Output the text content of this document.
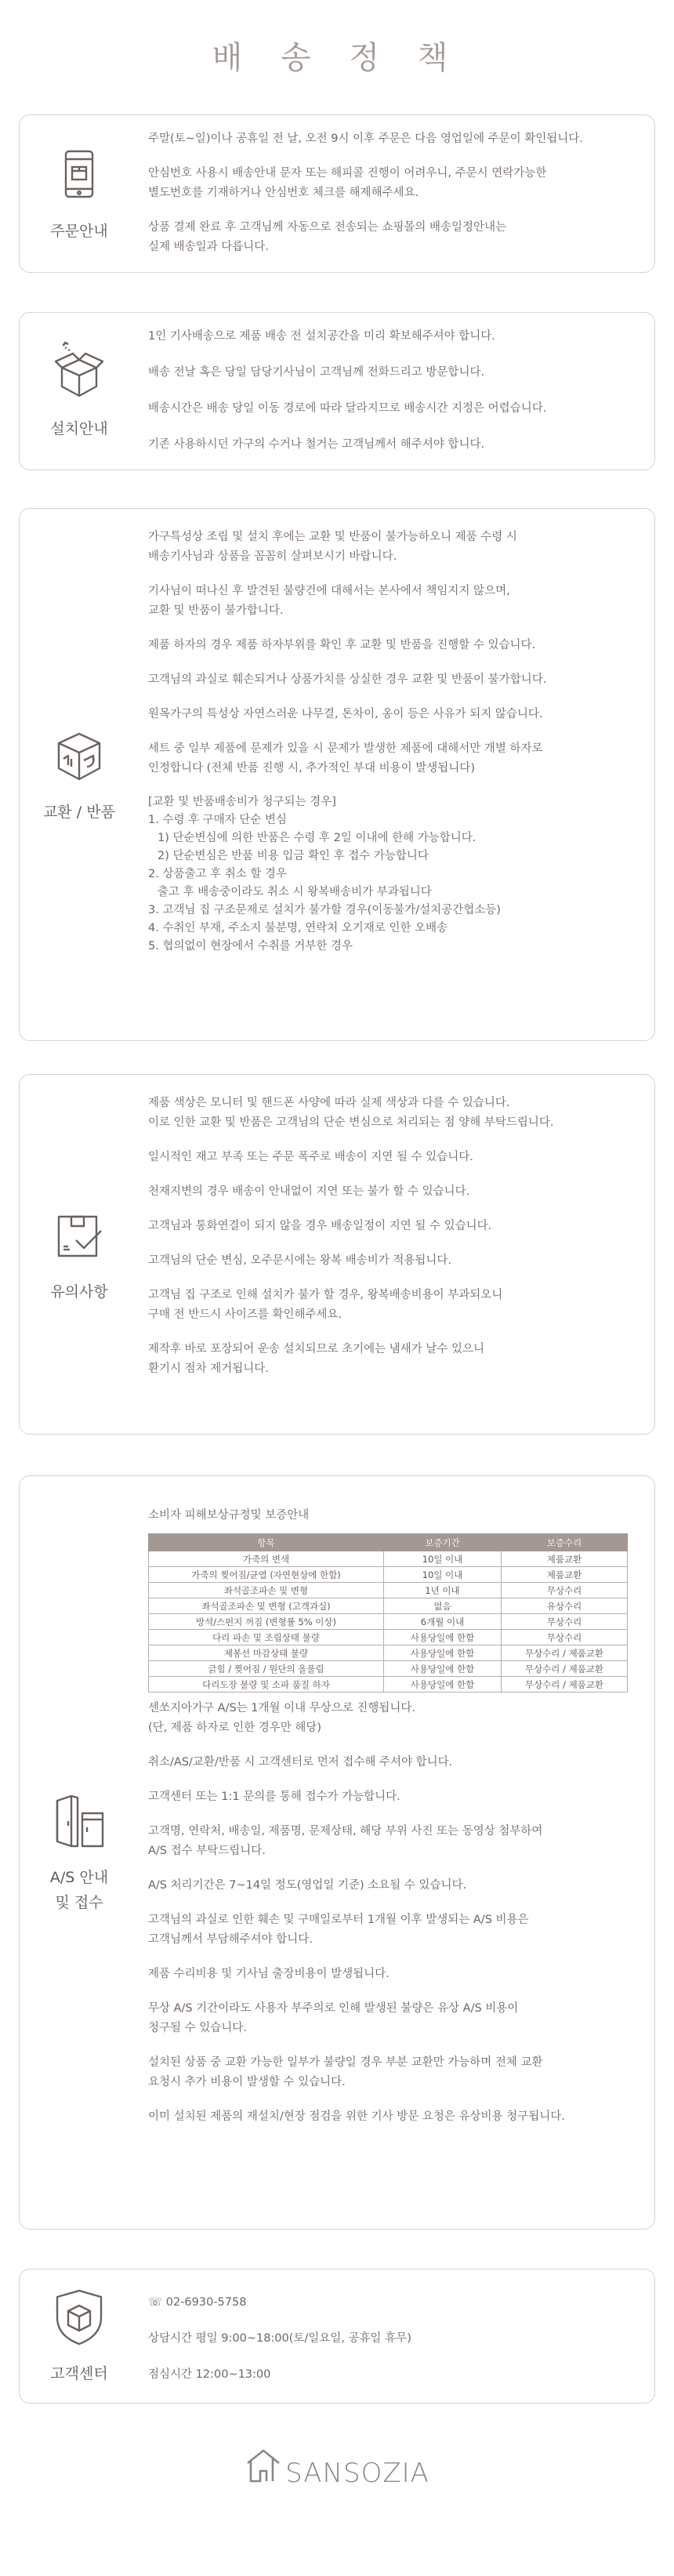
배 송 정 책
주문안내
주말(토~일)이나 공휴일 전 날, 오전 9시 이후 주문은 다음 영업일에 주문이 확인됩니다.
안심번호 사용시 배송안내 문자 또는 해피콜 진행이 어려우니, 주문시 연락가능한
별도번호를 기재하거나 안심번호 체크를 해제해주세요.
상품 결제 완료 후 고객님께 자동으로 전송되는 쇼핑몰의 배송일정안내는
실제 배송일과 다릅니다.
설치안내
1인 기사배송으로 제품 배송 전 설치공간을 미리 확보해주셔야 합니다.
배송 전날 혹은 당일 담당기사님이 고객님께 전화드리고 방문합니다.
배송시간은 배송 당일 이동 경로에 따라 달라지므로 배송시간 지정은 어렵습니다.
기존 사용하시던 가구의 수거나 철거는 고객님께서 해주셔야 합니다.
교환 / 반품
가구특성상 조립 및 설치 후에는 교환 및 반품이 불가능하오니 제품 수령 시
배송기사님과 상품을 꼼꼼히 살펴보시기 바랍니다.
기사님이 떠나신 후 발견된 불량건에 대해서는 본사에서 책임지지 않으며,
교환 및 반품이 불가합니다.
제품 하자의 경우 제품 하자부위를 확인 후 교환 및 반품을 진행할 수 있습니다.
고객님의 과실로 훼손되거나 상품가치를 상실한 경우 교환 및 반품이 불가합니다.
원목가구의 특성상 자연스러운 나무결, 톤차이, 옹이 등은 사유가 되지 않습니다.
세트 중 일부 제품에 문제가 있을 시 문제가 발생한 제품에 대해서만 개별 하자로
인정합니다 (전체 반품 진행 시, 추가적인 부대 비용이 발생됩니다)
[교환 및 반품배송비가 청구되는 경우]
1. 수령 후 구매자 단순 변심
1) 단순변심에 의한 반품은 수령 후 2일 이내에 한해 가능합니다.
2) 단순변심은 반품 비용 입금 확인 후 접수 가능합니다
2. 상품출고 후 취소 할 경우
출고 후 배송중이라도 취소 시 왕복배송비가 부과됩니다
3. 고객님 집 구조문제로 설치가 불가할 경우(이동불가/설치공간협소등)
4. 수취인 부재, 주소지 불분명, 연락처 오기재로 인한 오배송
5. 협의없이 현장에서 수취를 거부한 경우
유의사항
제품 색상은 모니터 및 핸드폰 사양에 따라 실제 색상과 다를 수 있습니다.
이로 인한 교환 및 반품은 고객님의 단순 변심으로 처리되는 점 양해 부탁드립니다.
일시적인 재고 부족 또는 주문 폭주로 배송이 지연 될 수 있습니다.
천재지변의 경우 배송이 안내없이 지연 또는 불가 할 수 있습니다.
고객님과 통화연결이 되지 않을 경우 배송일정이 지연 될 수 있습니다.
고객님의 단순 변심, 오주문시에는 왕복 배송비가 적용됩니다.
고객님 집 구조로 인해 설치가 불가 할 경우, 왕복배송비용이 부과되오니
구매 전 반드시 사이즈를 확인해주세요.
제작후 바로 포장되어 운송 설치되므로 초기에는 냄새가 날수 있으니
환기시 점차 제거됩니다.
A/S 안내
및 접수
소비자 피해보상규정및 보증안내
항목	보증기간	보증수리
가죽의 변색	10일 이내	제품교환
가죽의 찢어짐/균열 (자연현상에 한함)	10일 이내	제품교환
좌석골조파손 및 변형	1년 이내	무상수리
좌석골조파손 및 변형 (고객과실)	없음	유상수리
방석/스펀지 꺼짐 (변형률 5% 이상)	6개월 이내	무상수리
다리 파손 및 조립상태 불량	사용당일에 한함	무상수리
제봉선 마감상태 불량	사용당일에 한함	무상수리 / 제품교환
긁힘 / 찢어짐 / 원단의 올풀림	사용당일에 한함	무상수리 / 제품교환
다리도장 불량 및 소파 품질 하자	사용당일에 한함	무상수리 / 제품교환
센쏘지아가구 A/S는 1개월 이내 무상으로 진행됩니다.
(단, 제품 하자로 인한 경우만 해당)
취소/AS/교환/반품 시 고객센터로 먼저 접수해 주셔야 합니다.
고객센터 또는 1:1 문의를 통해 접수가 가능합니다.
고객명, 연락처, 배송일, 제품명, 문제상태, 해당 부위 사진 또는 동영상 첨부하여
A/S 접수 부탁드립니다.
A/S 처리기간은 7~14일 정도(영업일 기준) 소요될 수 있습니다.
고객님의 과실로 인한 훼손 및 구매일로부터 1개월 이후 발생되는 A/S 비용은
고객님께서 부담해주셔야 합니다.
제품 수리비용 및 기사님 출장비용이 발생됩니다.
무상 A/S 기간이라도 사용자 부주의로 인해 발생된 불량은 유상 A/S 비용이
청구될 수 있습니다.
설치된 상품 중 교환 가능한 일부가 불량일 경우 부분 교환만 가능하며 전체 교환
요청시 추가 비용이 발생할 수 있습니다.
이미 설치된 제품의 재설치/현장 점검을 위한 기사 방문 요청은 유상비용 청구됩니다.
고객센터
☏ 02-6930-5758
상담시간 평일 9:00~18:00(토/일요일, 공휴일 휴무)
점심시간 12:00~13:00
SANSOZIA
